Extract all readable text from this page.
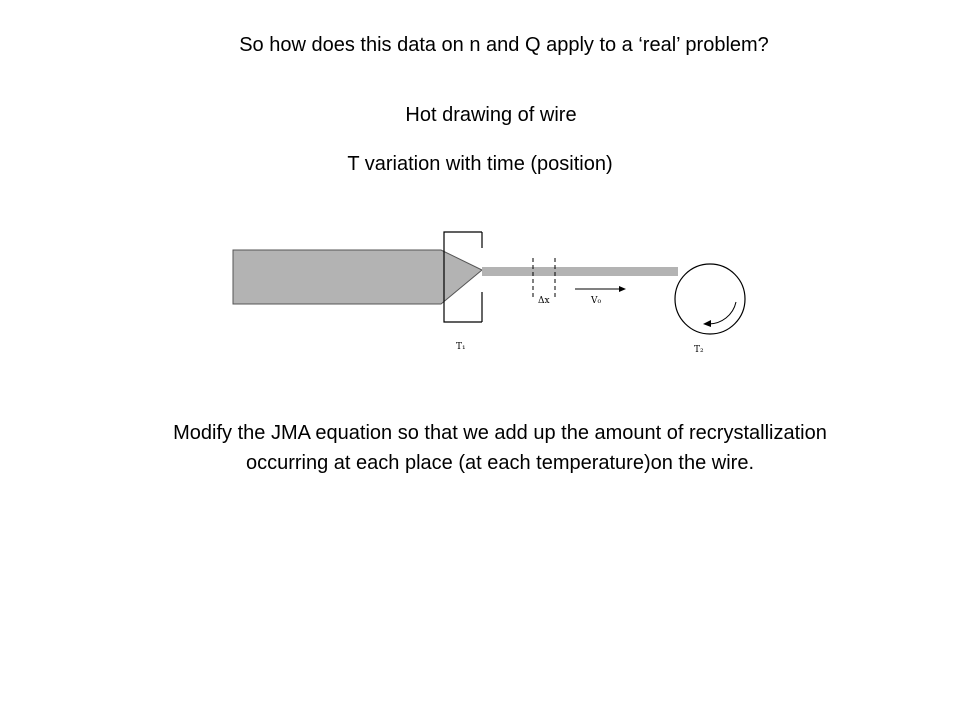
So how does this data on n and Q apply to a ‘real’ problem?
Hot drawing of wire
T variation with time (position)
T₁	T₂
Δx	V₀
Modify the JMA equation so that we add up the amount of recrystallization occurring at each place (at each temperature)on the wire.
